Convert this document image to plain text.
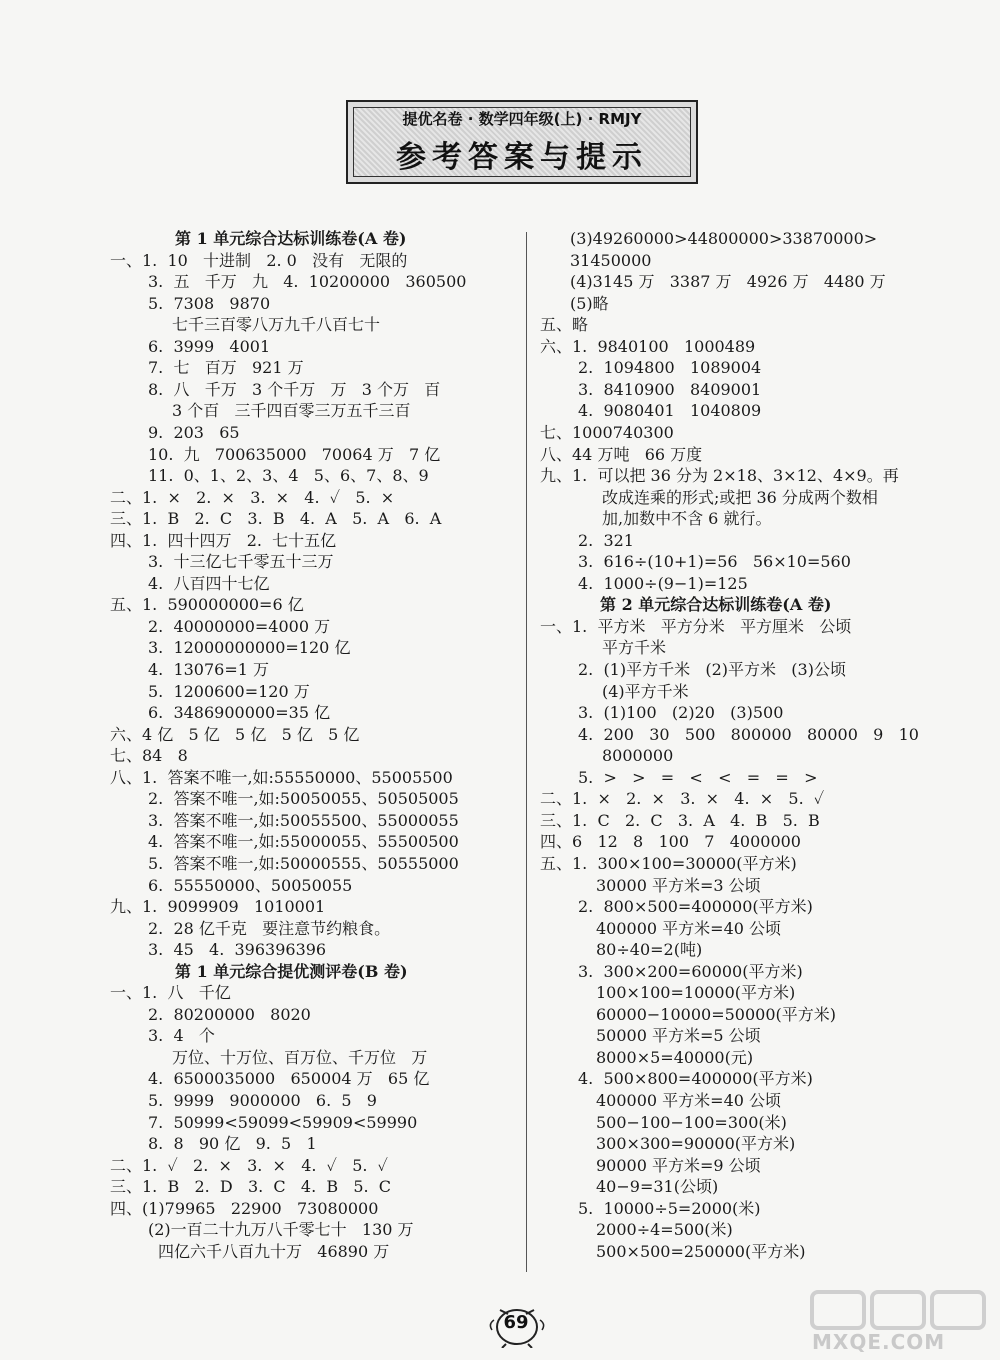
提优名卷 · 数学四年级(上) · RMJY
参考答案与提示
第 1 单元综合达标训练卷(A 卷)
一、1.  10   十进制   2. 0   没有   无限的
3.  五   千万   九   4.  10200000   360500
5.  7308   9870
七千三百零八万九千八百七十
6.  3999   4001
7.  七   百万   921 万
8.  八   千万   3 个千万   万   3 个万   百
3 个百   三千四百零三万五千三百
9.  203   65
10.  九   700635000   70064 万   7 亿
11.  0、1、2、3、4   5、6、7、8、9
二、1.  ×   2.  ×   3.  ×   4.  ✓   5.  ×
三、1.  B   2.  C   3.  B   4.  A   5.  A   6.  A
四、1.  四十四万   2.  七十五亿
3.  十三亿七千零五十三万
4.  八百四十七亿
五、1.  590000000=6 亿
2.  40000000=4000 万
3.  12000000000=120 亿
4.  13076=1 万
5.  1200600=120 万
6.  3486900000=35 亿
六、4 亿   5 亿   5 亿   5 亿   5 亿
七、84   8
八、1.  答案不唯一,如:55550000、55005500
2.  答案不唯一,如:50050055、50505005
3.  答案不唯一,如:50055500、55000055
4.  答案不唯一,如:55000055、55500500
5.  答案不唯一,如:50000555、50555000
6.  55550000、50050055
九、1.  9099909   1010001
2.  28 亿千克   要注意节约粮食。
3.  45   4.  396396396
第 1 单元综合提优测评卷(B 卷)
一、1.  八   千亿
2.  80200000   8020
3.  4   个
万位、十万位、百万位、千万位   万
4.  6500035000   650004 万   65 亿
5.  9999   9000000   6.  5   9
7.  50999<59099<59909<59990
8.  8   90 亿   9.  5   1
二、1.  ✓   2.  ×   3.  ×   4.  ✓   5.  ✓
三、1.  B   2.  D   3.  C   4.  B   5.  C
四、(1)79965   22900   73080000
(2)一百二十九万八千零七十   130 万
四亿六千八百九十万   46890 万
(3)49260000>44800000>33870000>
31450000
(4)3145 万   3387 万   4926 万   4480 万
(5)略
五、略
六、1.  9840100   1000489
2.  1094800   1089004
3.  8410900   8409001
4.  9080401   1040809
七、1000740300
八、44 万吨   66 万度
九、1.  可以把 36 分为 2×18、3×12、4×9。再
改成连乘的形式;或把 36 分成两个数相
加,加数中不含 6 就行。
2.  321
3.  616÷(10+1)=56   56×10=560
4.  1000÷(9−1)=125
第 2 单元综合达标训练卷(A 卷)
一、1.  平方米   平方分米   平方厘米   公顷
平方千米
2.  (1)平方千米   (2)平方米   (3)公顷
(4)平方千米
3.  (1)100   (2)20   (3)500
4.  200   30   500   800000   80000   9   10
8000000
5.  >   >   =   <   <   =   =   >
二、1.  ×   2.  ×   3.  ×   4.  ×   5.  ✓
三、1.  C   2.  C   3.  A   4.  B   5.  B
四、6   12   8   100   7   4000000
五、1.  300×100=30000(平方米)
30000 平方米=3 公顷
2.  800×500=400000(平方米)
400000 平方米=40 公顷
80÷40=2(吨)
3.  300×200=60000(平方米)
100×100=10000(平方米)
60000−10000=50000(平方米)
50000 平方米=5 公顷
8000×5=40000(元)
4.  500×800=400000(平方米)
400000 平方米=40 公顷
500−100−100=300(米)
300×300=90000(平方米)
90000 平方米=9 公顷
40−9=31(公顷)
5.  10000÷5=2000(米)
2000÷4=500(米)
500×500=250000(平方米)
69
MXQE.COM
